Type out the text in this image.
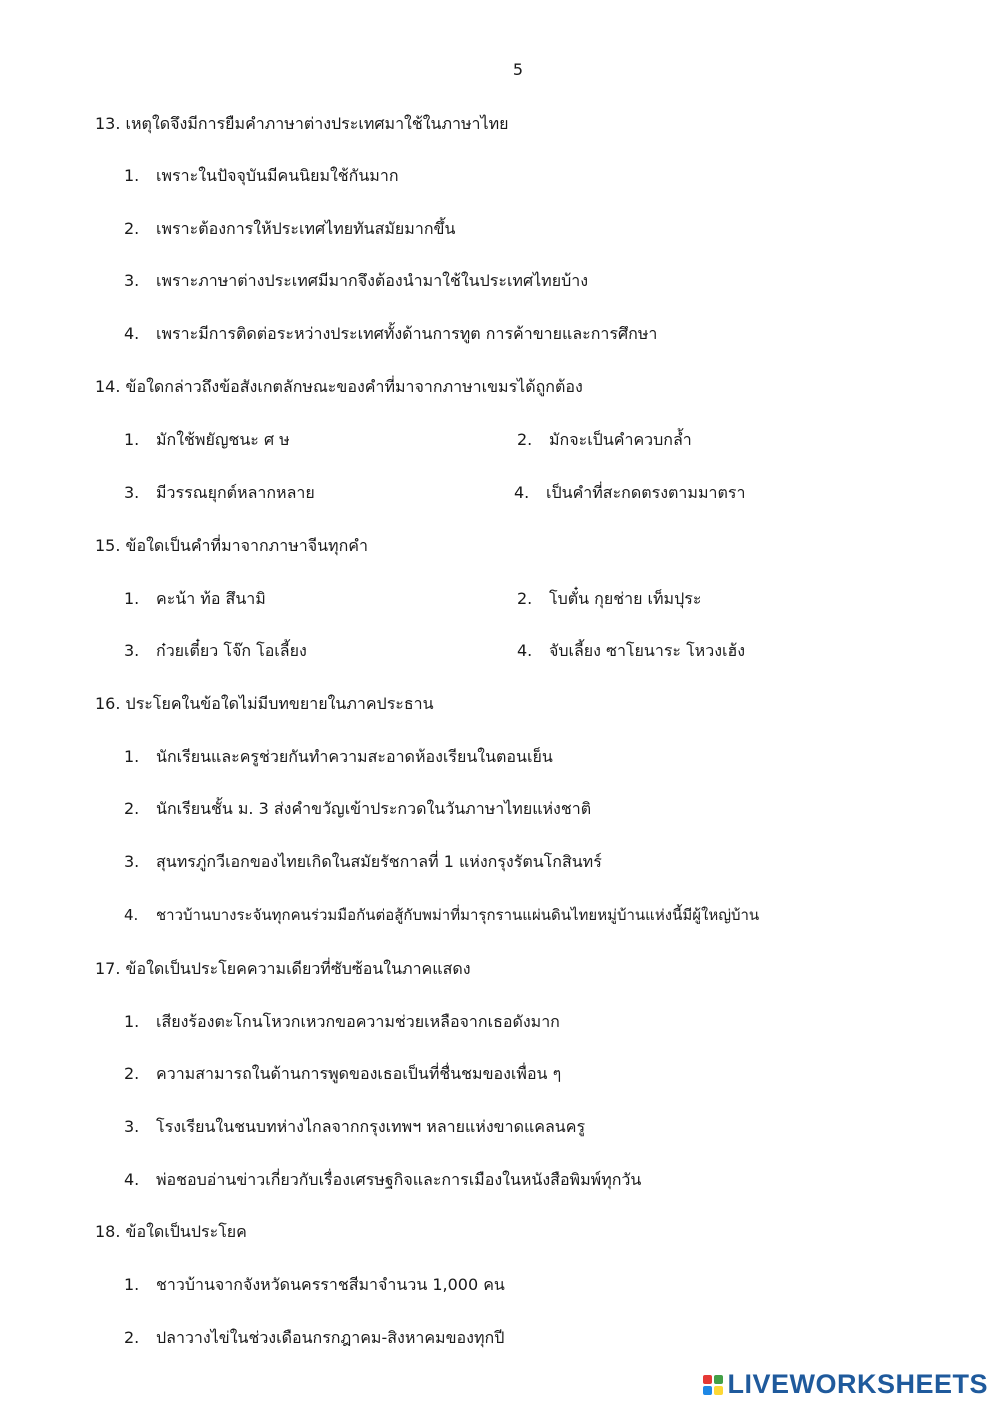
5
13. เหตุใดจึงมีการยืมคำภาษาต่างประเทศมาใช้ในภาษาไทย
1. เพราะในปัจจุบันมีคนนิยมใช้กันมาก
2. เพราะต้องการให้ประเทศไทยทันสมัยมากขึ้น
3. เพราะภาษาต่างประเทศมีมากจึงต้องนำมาใช้ในประเทศไทยบ้าง
4. เพราะมีการติดต่อระหว่างประเทศทั้งด้านการทูต การค้าขายและการศึกษา
14. ข้อใดกล่าวถึงข้อสังเกตลักษณะของคำที่มาจากภาษาเขมรได้ถูกต้อง
1. มักใช้พยัญชนะ ศ ษ	2. มักจะเป็นคำควบกล้ำ
3. มีวรรณยุกต์หลากหลาย	4. เป็นคำที่สะกดตรงตามมาตรา
15. ข้อใดเป็นคำที่มาจากภาษาจีนทุกคำ
1. คะน้า ท้อ สึนามิ	2. โบตั๋น กุยช่าย เท็มปุระ
3. ก๋วยเตี๋ยว โจ๊ก โอเลี้ยง	4. จับเลี้ยง ซาโยนาระ โหวงเฮ้ง
16. ประโยคในข้อใดไม่มีบทขยายในภาคประธาน
1. นักเรียนและครูช่วยกันทำความสะอาดห้องเรียนในตอนเย็น
2. นักเรียนชั้น ม. 3 ส่งคำขวัญเข้าประกวดในวันภาษาไทยแห่งชาติ
3. สุนทรภู่กวีเอกของไทยเกิดในสมัยรัชกาลที่ 1 แห่งกรุงรัตนโกสินทร์
4. ชาวบ้านบางระจันทุกคนร่วมมือกันต่อสู้กับพม่าที่มารุกรานแผ่นดินไทยหมู่บ้านแห่งนี้มีผู้ใหญ่บ้าน
17. ข้อใดเป็นประโยคความเดียวที่ซับซ้อนในภาคแสดง
1. เสียงร้องตะโกนโหวกเหวกขอความช่วยเหลือจากเธอดังมาก
2. ความสามารถในด้านการพูดของเธอเป็นที่ชื่นชมของเพื่อน ๆ
3. โรงเรียนในชนบทห่างไกลจากกรุงเทพฯ หลายแห่งขาดแคลนครู
4. พ่อชอบอ่านข่าวเกี่ยวกับเรื่องเศรษฐกิจและการเมืองในหนังสือพิมพ์ทุกวัน
18. ข้อใดเป็นประโยค
1. ชาวบ้านจากจังหวัดนครราชสีมาจำนวน 1,000 คน
2. ปลาวางไข่ในช่วงเดือนกรกฎาคม-สิงหาคมของทุกปี
LIVEWORKSHEETS
